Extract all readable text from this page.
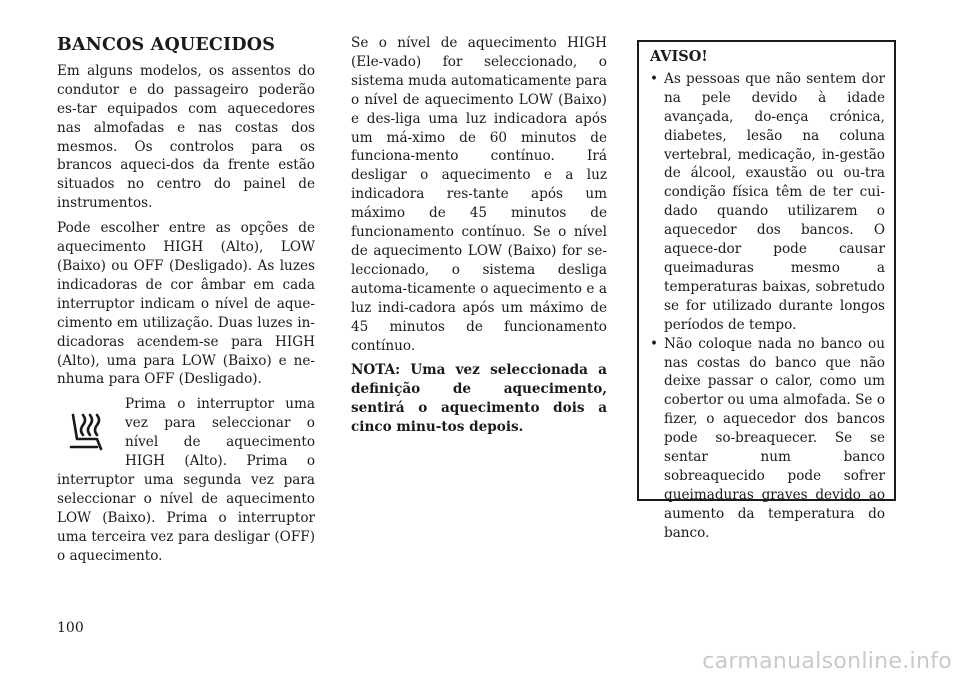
BANCOS AQUECIDOS

Em alguns modelos, os assentos do condutor e do passageiro poderão es-tar equipados com aquecedores nas almofadas e nas costas dos mesmos. Os controlos para os brancos aqueci-dos da frente estão situados no centro do painel de instrumentos.

Pode escolher entre as opções de aquecimento HIGH (Alto), LOW (Baixo) ou OFF (Desligado). As luzes indicadoras de cor âmbar em cada interruptor indicam o nível de aque-cimento em utilização. Duas luzes in-dicadoras acendem-se para HIGH (Alto), uma para LOW (Baixo) e ne-nhuma para OFF (Desligado).

Prima o interruptor uma vez para seleccionar o nível de aquecimento HIGH (Alto). Prima o interruptor uma segunda vez para seleccionar o nível de aquecimento LOW (Baixo). Prima o interruptor uma terceira vez para desligar (OFF) o aquecimento.

Se o nível de aquecimento HIGH (Ele-vado) for seleccionado, o sistema muda automaticamente para o nível de aquecimento LOW (Baixo) e des-liga uma luz indicadora após um má-ximo de 60 minutos de funciona-mento contínuo. Irá desligar o aquecimento e a luz indicadora res-tante após um máximo de 45 minutos de funcionamento contínuo. Se o nível de aquecimento LOW (Baixo) for se-leccionado, o sistema desliga automa-ticamente o aquecimento e a luz indi-cadora após um máximo de 45 minutos de funcionamento contínuo.

NOTA: Uma vez seleccionada a definição de aquecimento, sentirá o aquecimento dois a cinco minu-tos depois.

AVISO!
• As pessoas que não sentem dor na pele devido à idade avançada, do-ença crónica, diabetes, lesão na coluna vertebral, medicação, in-gestão de álcool, exaustão ou ou-tra condição física têm de ter cui-dado quando utilizarem o aquecedor dos bancos. O aquece-dor pode causar queimaduras mesmo a temperaturas baixas, sobretudo se for utilizado durante longos períodos de tempo.
• Não coloque nada no banco ou nas costas do banco que não deixe passar o calor, como um cobertor ou uma almofada. Se o fizer, o aquecedor dos bancos pode so-breaquecer. Se se sentar num banco sobreaquecido pode sofrer queimaduras graves devido ao aumento da temperatura do banco.
100
carmanualsonline.info
